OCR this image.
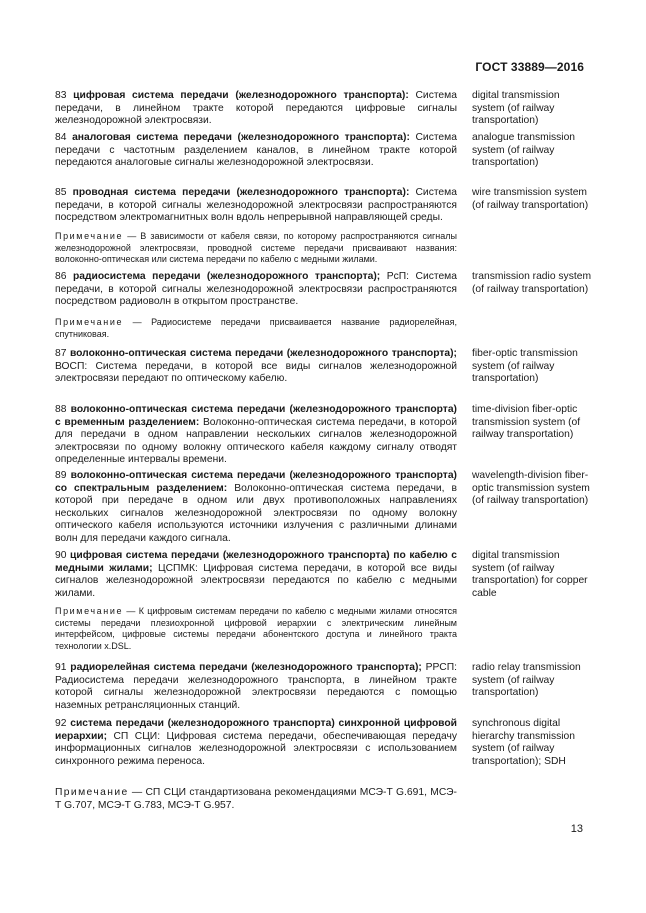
ГОСТ 33889—2016
83 цифровая система передачи (железнодорожного транспорта): Система передачи, в линейном тракте которой передаются цифровые сигналы железнодорожной электросвязи.
digital transmission system (of railway transportation)
84 аналоговая система передачи (железнодорожного транспорта): Система передачи с частотным разделением каналов, в линейном тракте которой передаются аналоговые сигналы железнодорожной электросвязи.
analogue transmission system (of railway transportation)
85 проводная система передачи (железнодорожного транспорта): Система передачи, в которой сигналы железнодорожной электросвязи распространяются посредством электромагнитных волн вдоль непрерывной направляющей среды.
wire transmission system (of railway transportation)
Примечание — В зависимости от кабеля связи, по которому распространяются сигналы железнодорожной электросвязи, проводной системе передачи присваивают названия: волоконно-оптическая или система передачи по кабелю с медными жилами.
86 радиосистема передачи (железнодорожного транспорта); РсП: Система передачи, в которой сигналы железнодорожной электросвязи распространяются посредством радиоволн в открытом пространстве.
transmission radio system (of railway transportation)
Примечание — Радиосистеме передачи присваивается название радиорелейная, спутниковая.
87 волоконно-оптическая система передачи (железнодорожного транспорта); ВОСП: Система передачи, в которой все виды сигналов железнодорожной электросвязи передают по оптическому кабелю.
fiber-optic transmission system (of railway transportation)
88 волоконно-оптическая система передачи (железнодорожного транспорта) с временным разделением: Волоконно-оптическая система передачи, в которой для передачи в одном направлении нескольких сигналов железнодорожной электросвязи по одному волокну оптического кабеля каждому сигналу отводят определенные интервалы времени.
time-division fiber-optic transmission system (of railway transportation)
89 волоконно-оптическая система передачи (железнодорожного транспорта) со спектральным разделением: Волоконно-оптическая система передачи, в которой при передаче в одном или двух противоположных направлениях нескольких сигналов железнодорожной электросвязи по одному волокну оптического кабеля используются источники излучения с различными длинами волн для передачи каждого сигнала.
wavelength-division fiber-optic transmission system (of railway transportation)
90 цифровая система передачи (железнодорожного транспорта) по кабелю с медными жилами; ЦСПМК: Цифровая система передачи, в которой все виды сигналов железнодорожной электросвязи передаются по кабелю с медными жилами.
digital transmission system (of railway transportation) for copper cable
Примечание — К цифровым системам передачи по кабелю с медными жилами относятся системы передачи плезиохронной цифровой иерархии с электрическим линейным интерфейсом, цифровые системы передачи абонентского доступа и линейного тракта технологии x.DSL.
91 радиорелейная система передачи (железнодорожного транспорта); РРСП: Радиосистема передачи железнодорожного транспорта, в линейном тракте которой сигналы железнодорожной электросвязи передаются с помощью наземных ретрансляционных станций.
radio relay transmission system (of railway transportation)
92 система передачи (железнодорожного транспорта) синхронной цифровой иерархии; СП СЦИ: Цифровая система передачи, обеспечивающая передачу информационных сигналов железнодорожной электросвязи с использованием синхронного режима переноса.
synchronous digital hierarchy transmission system (of railway transportation); SDH
Примечание — СП СЦИ стандартизована рекомендациями МСЭ-Т G.691, МСЭ-Т G.707, МСЭ-Т G.783, МСЭ-Т G.957.
13
